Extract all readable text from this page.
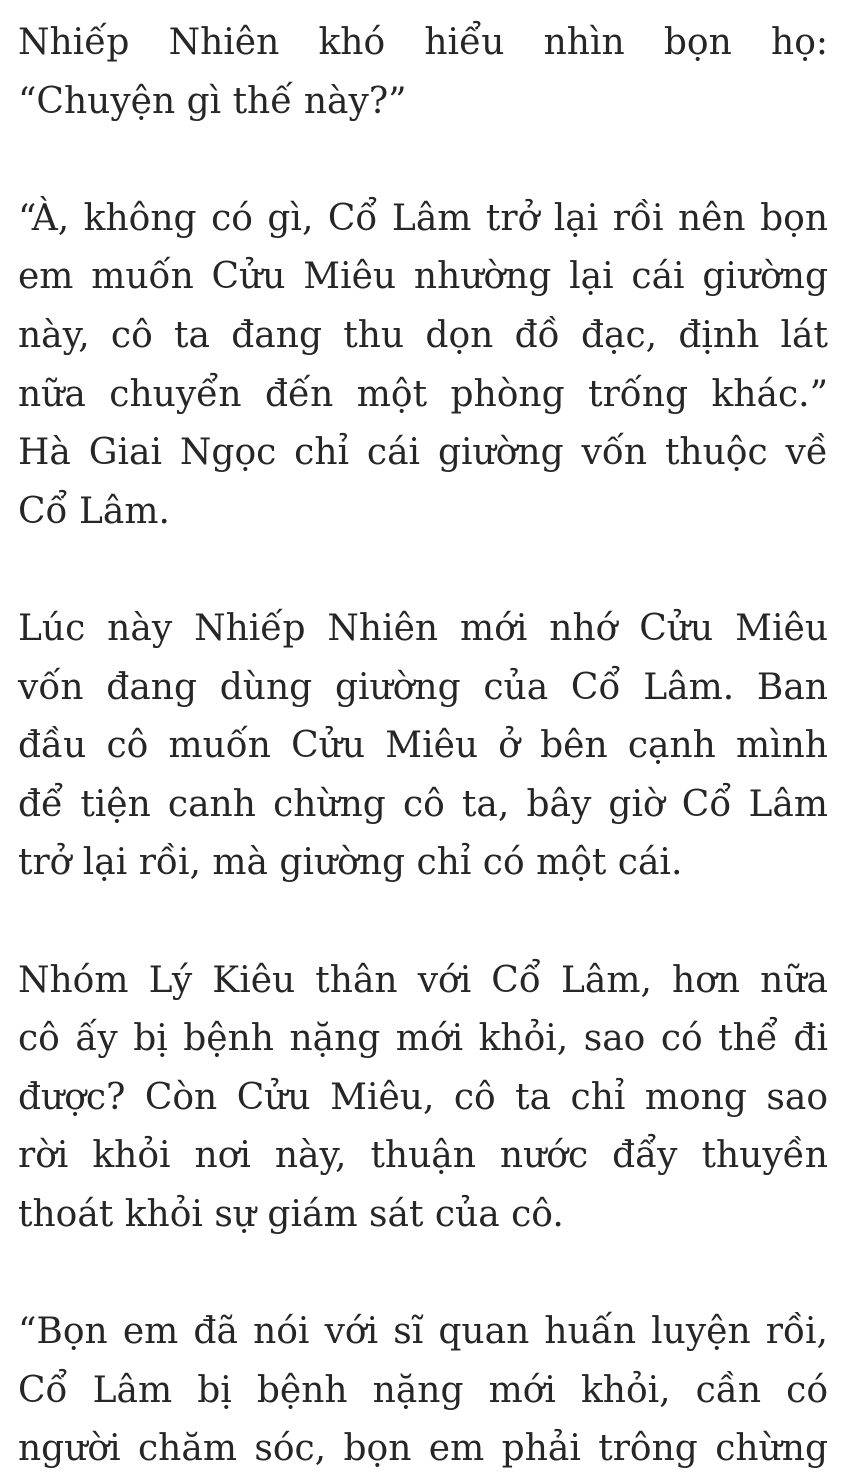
Nhiếp Nhiên khó hiểu nhìn bọn họ:
“Chuyện gì thế này?”
“À, không có gì, Cổ Lâm trở lại rồi nên bọn
em muốn Cửu Miêu nhường lại cái giường
này, cô ta đang thu dọn đồ đạc, định lát
nữa chuyển đến một phòng trống khác.”
Hà Giai Ngọc chỉ cái giường vốn thuộc về
Cổ Lâm.
Lúc này Nhiếp Nhiên mới nhớ Cửu Miêu
vốn đang dùng giường của Cổ Lâm. Ban
đầu cô muốn Cửu Miêu ở bên cạnh mình
để tiện canh chừng cô ta, bây giờ Cổ Lâm
trở lại rồi, mà giường chỉ có một cái.
Nhóm Lý Kiêu thân với Cổ Lâm, hơn nữa
cô ấy bị bệnh nặng mới khỏi, sao có thể đi
được? Còn Cửu Miêu, cô ta chỉ mong sao
rời khỏi nơi này, thuận nước đẩy thuyền
thoát khỏi sự giám sát của cô.
“Bọn em đã nói với sĩ quan huấn luyện rồi,
Cổ Lâm bị bệnh nặng mới khỏi, cần có
người chăm sóc, bọn em phải trông chừng
